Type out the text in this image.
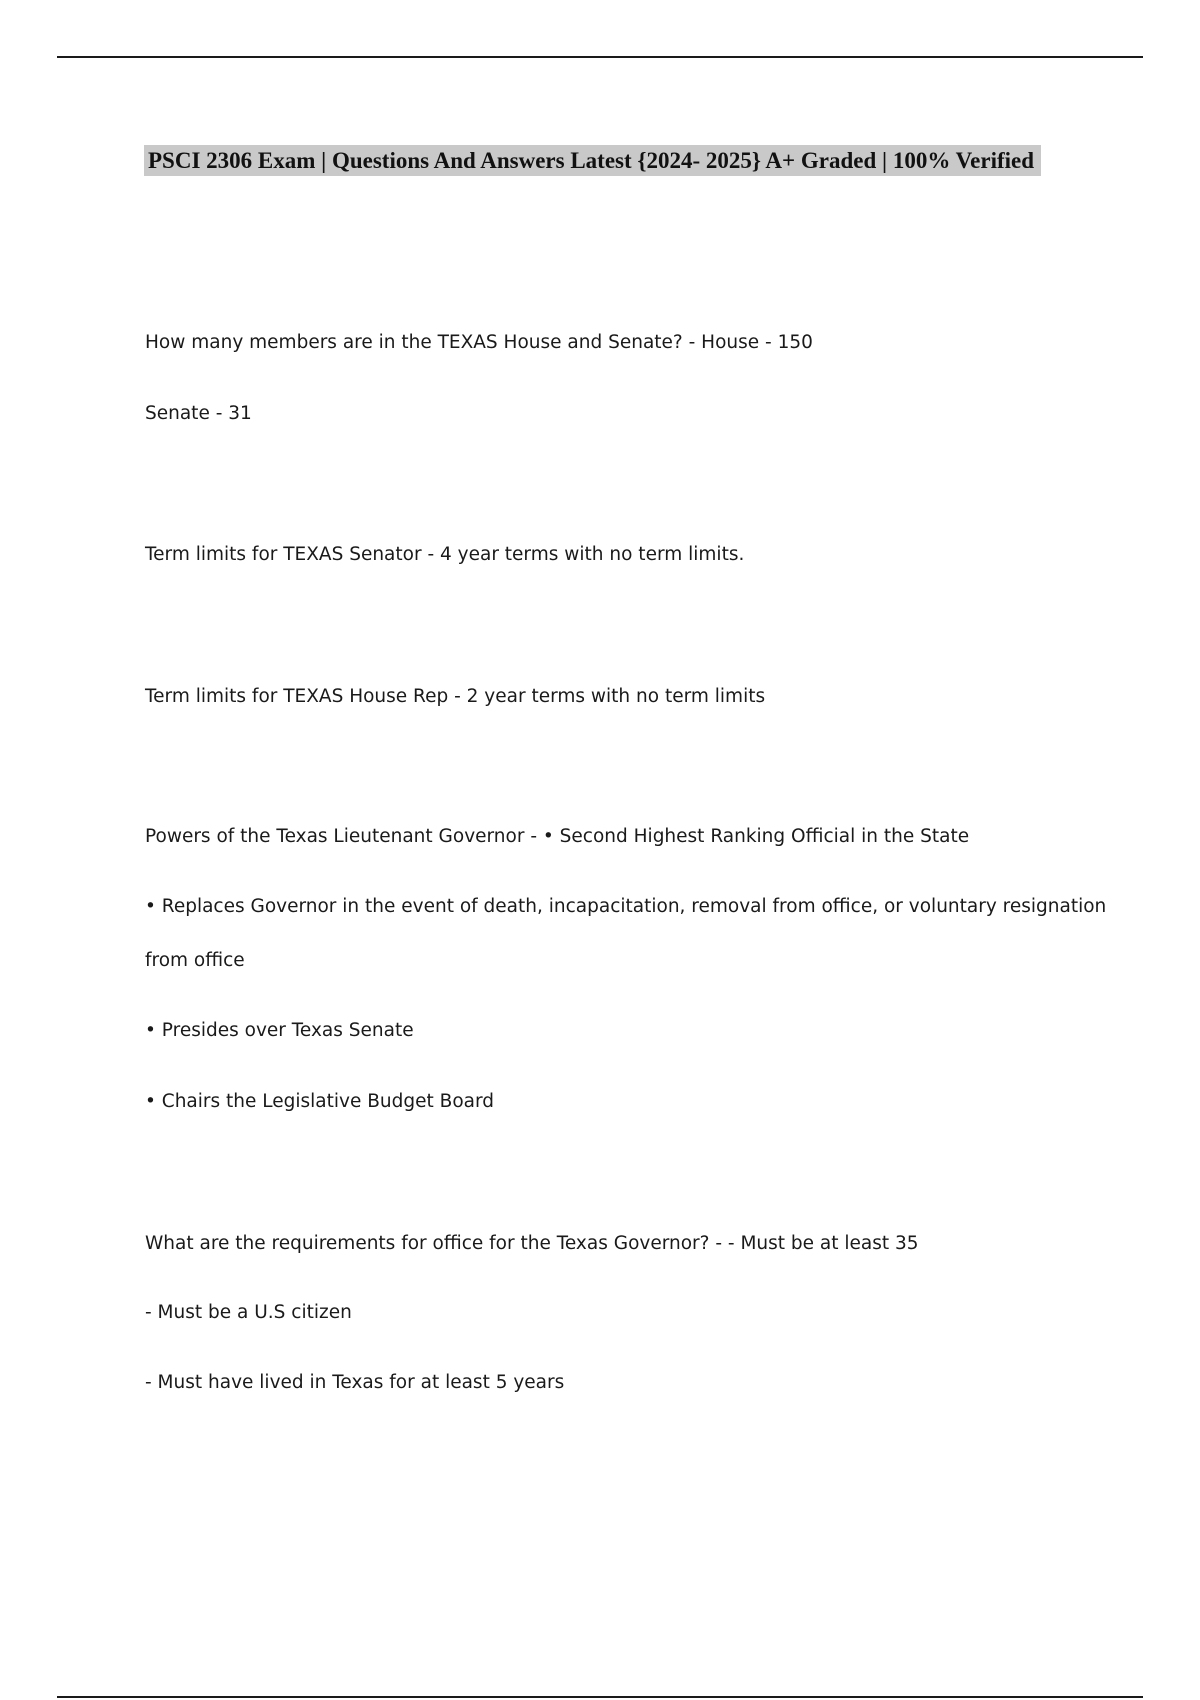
PSCI 2306 Exam | Questions And Answers Latest {2024- 2025} A+ Graded | 100% Verified
How many members are in the TEXAS House and Senate? - House - 150
Senate - 31
Term limits for TEXAS Senator - 4 year terms with no term limits.
Term limits for TEXAS House Rep - 2 year terms with no term limits
Powers of the Texas Lieutenant Governor - • Second Highest Ranking Official in the State
• Replaces Governor in the event of death, incapacitation, removal from office, or voluntary resignation
from office
• Presides over Texas Senate
• Chairs the Legislative Budget Board
What are the requirements for office for the Texas Governor? - - Must be at least 35
- Must be a U.S citizen
- Must have lived in Texas for at least 5 years
